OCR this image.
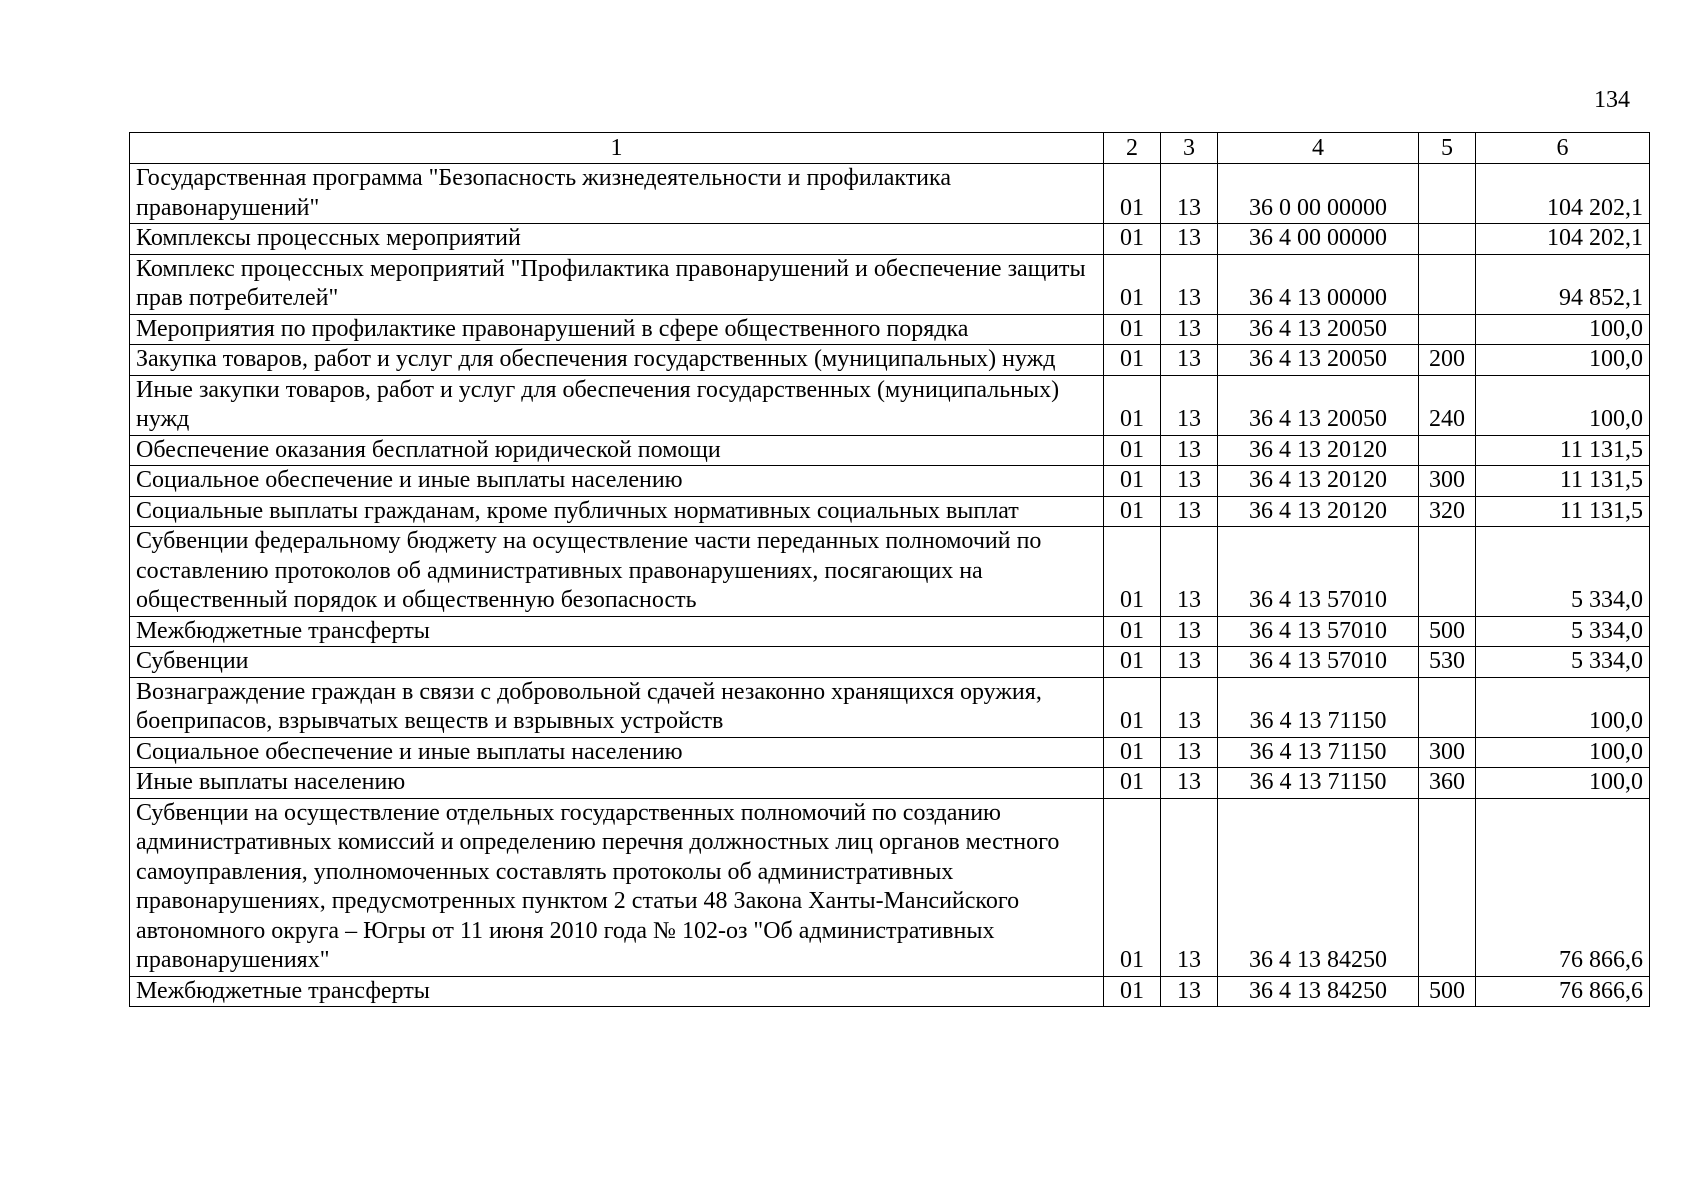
134
1	2	3	4	5	6
Государственная программа "Безопасность жизнедеятельности и профилактика правонарушений"	01	13	36 0 00 00000		104 202,1
Комплексы процессных мероприятий	01	13	36 4 00 00000		104 202,1
Комплекс процессных мероприятий "Профилактика правонарушений и обеспечение защиты прав потребителей"	01	13	36 4 13 00000		94 852,1
Мероприятия по профилактике правонарушений в сфере общественного порядка	01	13	36 4 13 20050		100,0
Закупка товаров, работ и услуг для обеспечения государственных (муниципальных) нужд	01	13	36 4 13 20050	200	100,0
Иные закупки товаров, работ и услуг для обеспечения государственных (муниципальных) нужд	01	13	36 4 13 20050	240	100,0
Обеспечение оказания бесплатной юридической помощи	01	13	36 4 13 20120		11 131,5
Социальное обеспечение и иные выплаты населению	01	13	36 4 13 20120	300	11 131,5
Социальные выплаты гражданам, кроме публичных нормативных социальных выплат	01	13	36 4 13 20120	320	11 131,5
Субвенции федеральному бюджету на осуществление части переданных полномочий по составлению протоколов об административных правонарушениях, посягающих на общественный порядок и общественную безопасность	01	13	36 4 13 57010		5 334,0
Межбюджетные трансферты	01	13	36 4 13 57010	500	5 334,0
Субвенции	01	13	36 4 13 57010	530	5 334,0
Вознаграждение граждан в связи с добровольной сдачей незаконно хранящихся оружия, боеприпасов, взрывчатых веществ и взрывных устройств	01	13	36 4 13 71150		100,0
Социальное обеспечение и иные выплаты населению	01	13	36 4 13 71150	300	100,0
Иные выплаты населению	01	13	36 4 13 71150	360	100,0
Субвенции на осуществление отдельных государственных полномочий по созданию административных комиссий и определению перечня должностных лиц органов местного самоуправления, уполномоченных составлять протоколы об административных правонарушениях, предусмотренных пунктом 2 статьи 48 Закона Ханты-Мансийского автономного округа – Югры от 11 июня 2010 года № 102-оз "Об административных правонарушениях"	01	13	36 4 13 84250		76 866,6
Межбюджетные трансферты	01	13	36 4 13 84250	500	76 866,6
